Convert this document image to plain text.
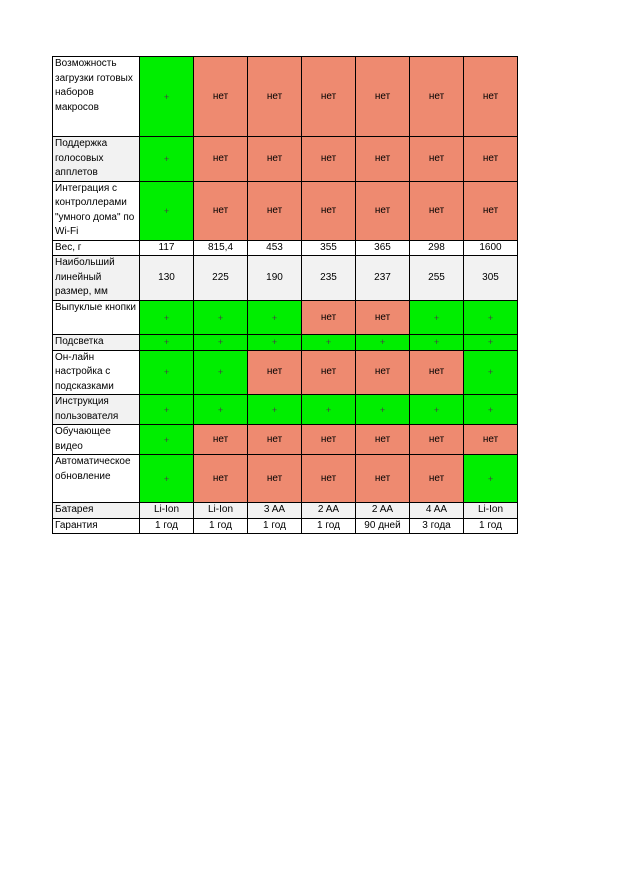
Возможность загрузки готовых наборов макросов	+	нет	нет	нет	нет	нет	нет
Поддержка голосовых апплетов	+	нет	нет	нет	нет	нет	нет
Интеграция с контроллерами "умного дома" по Wi-Fi	+	нет	нет	нет	нет	нет	нет
Вес, г	117	815,4	453	355	365	298	1600
Наибольший линейный размер, мм	130	225	190	235	237	255	305
Выпуклые кнопки	+	+	+	нет	нет	+	+
Подсветка	+	+	+	+	+	+	+
Он-лайн настройка с подсказками	+	+	нет	нет	нет	нет	+
Инструкция пользователя	+	+	+	+	+	+	+
Обучающее видео	+	нет	нет	нет	нет	нет	нет
Автоматическое обновление	+	нет	нет	нет	нет	нет	+
Батарея	Li-Ion	Li-Ion	3 AA	2 AA	2 AA	4 AA	Li-Ion
Гарантия	1 год	1 год	1 год	1 год	90 дней	3 года	1 год
